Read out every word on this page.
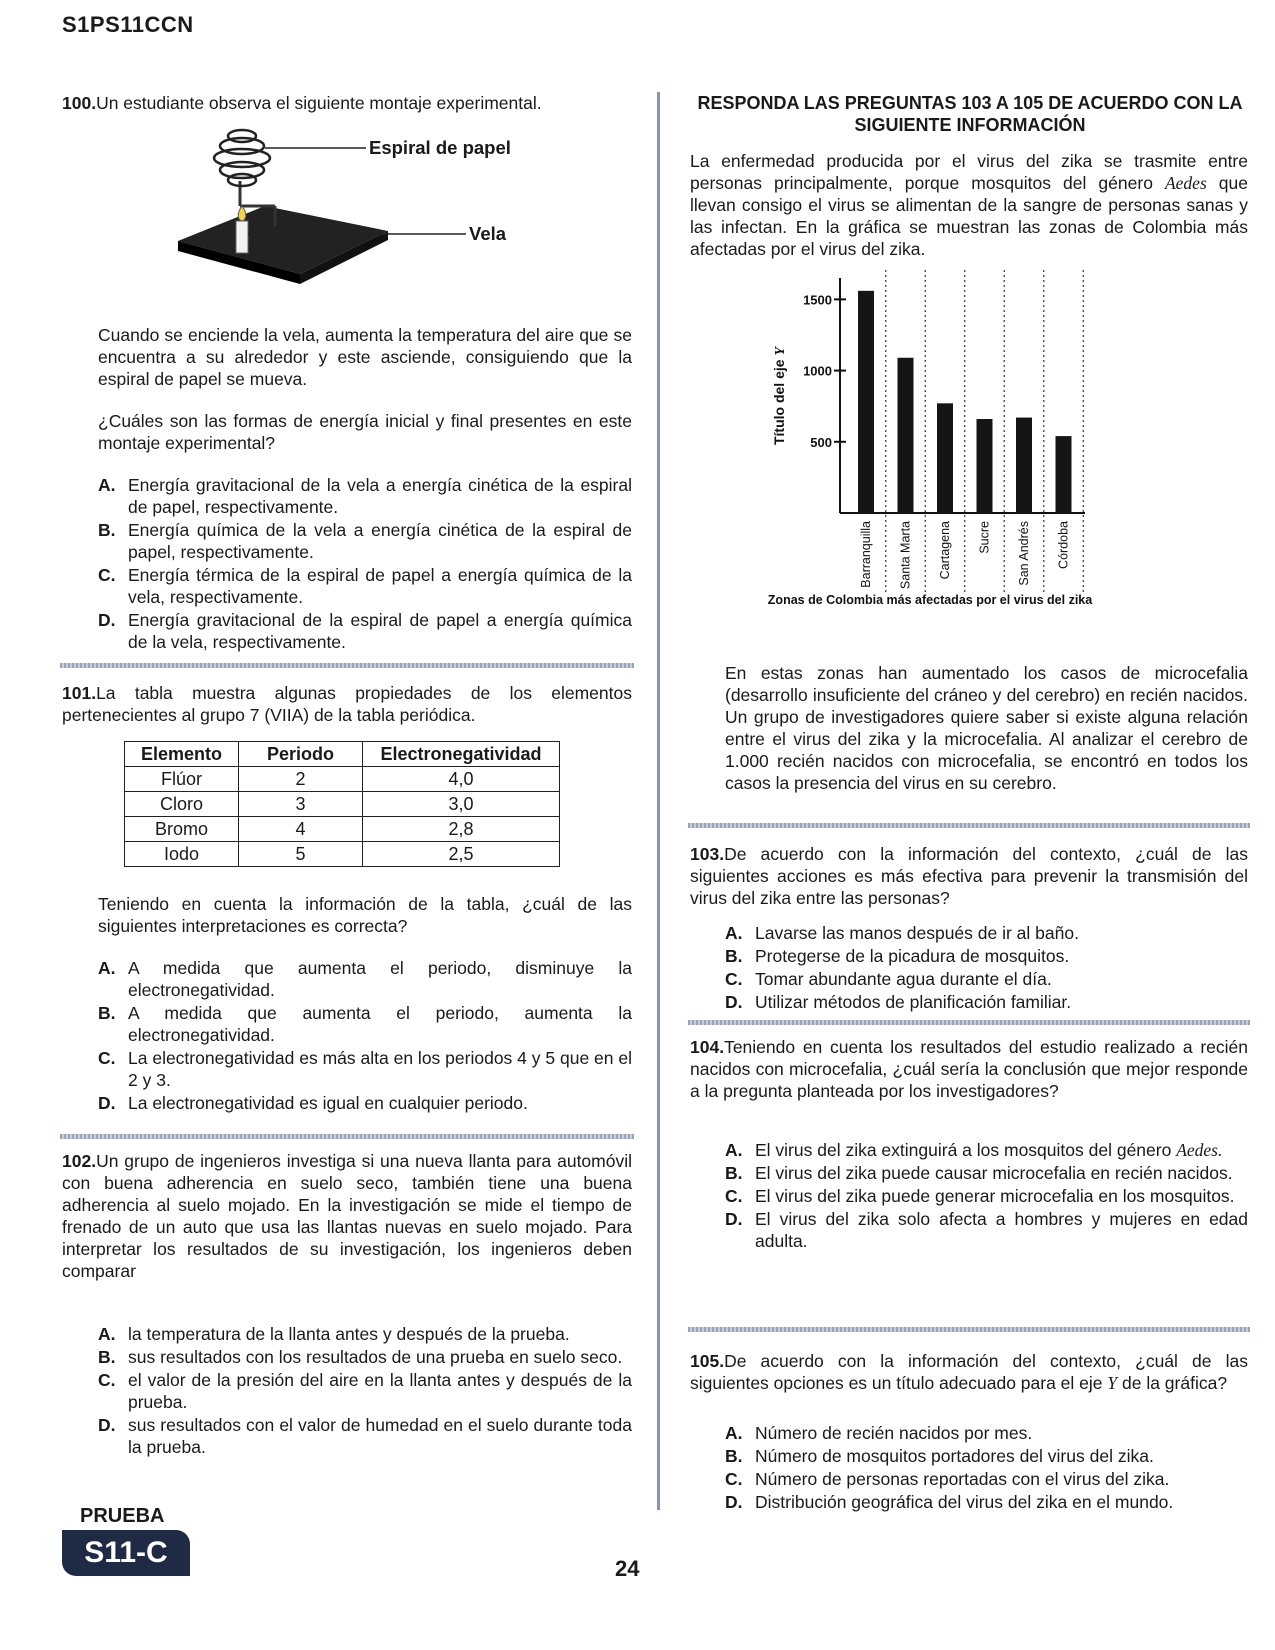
S1PS11CCN
100.Un estudiante observa el siguiente montaje experimental.
Espiral de papel
Vela
Cuando se enciende la vela, aumenta la temperatura del aire que se encuentra a su alrededor y este asciende, consiguiendo que la espiral de papel se mueva.
¿Cuáles son las formas de energía inicial y final presentes en este montaje experimental?
A. Energía gravitacional de la vela a energía cinética de la espiral de papel, respectivamente.
B. Energía química de la vela a energía cinética de la espiral de papel, respectivamente.
C. Energía térmica de la espiral de papel a energía química de la vela, respectivamente.
D. Energía gravitacional de la espiral de papel a energía química de la vela, respectivamente.
101.La tabla muestra algunas propiedades de los elementos pertenecientes al grupo 7 (VIIA) de la tabla periódica.
Elemento	Periodo	Electronegatividad
Flúor	2	4,0
Cloro	3	3,0
Bromo	4	2,8
Iodo	5	2,5
Teniendo en cuenta la información de la tabla, ¿cuál de las siguientes interpretaciones es correcta?
A. A medida que aumenta el periodo, disminuye la electronegatividad.
B. A medida que aumenta el periodo, aumenta la electronegatividad.
C. La electronegatividad es más alta en los periodos 4 y 5 que en el 2 y 3.
D. La electronegatividad es igual en cualquier periodo.
102.Un grupo de ingenieros investiga si una nueva llanta para automóvil con buena adherencia en suelo seco, también tiene una buena adherencia al suelo mojado. En la investigación se mide el tiempo de frenado de un auto que usa las llantas nuevas en suelo mojado. Para interpretar los resultados de su investigación, los ingenieros deben comparar
A. la temperatura de la llanta antes y después de la prueba.
B. sus resultados con los resultados de una prueba en suelo seco.
C. el valor de la presión del aire en la llanta antes y después de la prueba.
D. sus resultados con el valor de humedad en el suelo durante toda la prueba.
RESPONDA LAS PREGUNTAS 103 A 105 DE ACUERDO CON LA SIGUIENTE INFORMACIÓN
La enfermedad producida por el virus del zika se trasmite entre personas principalmente, porque mosquitos del género Aedes que llevan consigo el virus se alimentan de la sangre de personas sanas y las infectan. En la gráfica se muestran las zonas de Colombia más afectadas por el virus del zika.
500
1000
1500
Título del eje Y
Barranquilla Santa Marta Cartagena Sucre San Andrés Córdoba
Zonas de Colombia más afectadas por el virus del zika
En estas zonas han aumentado los casos de microcefalia (desarrollo insuficiente del cráneo y del cerebro) en recién nacidos. Un grupo de investigadores quiere saber si existe alguna relación entre el virus del zika y la microcefalia. Al analizar el cerebro de 1.000 recién nacidos con microcefalia, se encontró en todos los casos la presencia del virus en su cerebro.
103.De acuerdo con la información del contexto, ¿cuál de las siguientes acciones es más efectiva para prevenir la transmisión del virus del zika entre las personas?
A. Lavarse las manos después de ir al baño.
B. Protegerse de la picadura de mosquitos.
C. Tomar abundante agua durante el día.
D. Utilizar métodos de planificación familiar.
104.Teniendo en cuenta los resultados del estudio realizado a recién nacidos con microcefalia, ¿cuál sería la conclusión que mejor responde a la pregunta planteada por los investigadores?
A. El virus del zika extinguirá a los mosquitos del género Aedes.
B. El virus del zika puede causar microcefalia en recién nacidos.
C. El virus del zika puede generar microcefalia en los mosquitos.
D. El virus del zika solo afecta a hombres y mujeres en edad adulta.
105.De acuerdo con la información del contexto, ¿cuál de las siguientes opciones es un título adecuado para el eje Y de la gráfica?
A. Número de recién nacidos por mes.
B. Número de mosquitos portadores del virus del zika.
C. Número de personas reportadas con el virus del zika.
D. Distribución geográfica del virus del zika en el mundo.
PRUEBA
S11-C	24
